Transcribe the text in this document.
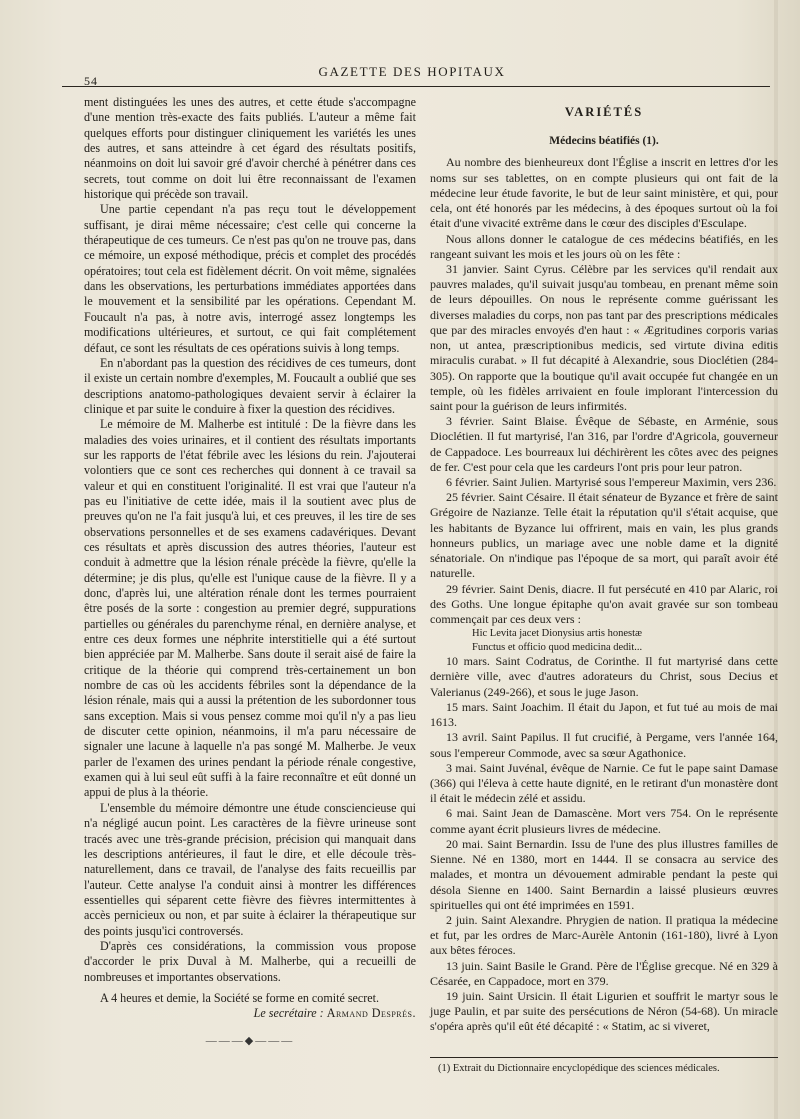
54
GAZETTE DES HOPITAUX

ment distinguées les unes des autres, et cette étude s'accompagne d'une mention très-exacte des faits publiés. L'auteur a même fait quelques efforts pour distinguer cliniquement les variétés les unes des autres, et sans atteindre à cet égard des résultats positifs, néanmoins on doit lui savoir gré d'avoir cherché à pénétrer dans ces secrets, tout comme on doit lui être reconnaissant de l'examen historique qui précède son travail.

Une partie cependant n'a pas reçu tout le développement suffisant, je dirai même nécessaire; c'est celle qui concerne la thérapeutique de ces tumeurs. Ce n'est pas qu'on ne trouve pas, dans ce mémoire, un exposé méthodique, précis et complet des procédés opératoires; tout cela est fidèlement décrit. On voit même, signalées dans les observations, les perturbations immédiates apportées dans le mouvement et la sensibilité par les opérations. Cependant M. Foucault n'a pas, à notre avis, interrogé assez longtemps les modifications ultérieures, et surtout, ce qui fait complétement défaut, ce sont les résultats de ces opérations suivis à long temps.

En n'abordant pas la question des récidives de ces tumeurs, dont il existe un certain nombre d'exemples, M. Foucault a oublié que ses descriptions anatomo-pathologiques devaient servir à éclairer la clinique et par suite le conduire à fixer la question des récidives.

Le mémoire de M. Malherbe est intitulé : De la fièvre dans les maladies des voies urinaires, et il contient des résultats importants sur les rapports de l'état fébrile avec les lésions du rein. J'ajouterai volontiers que ce sont ces recherches qui donnent à ce travail sa valeur et qui en constituent l'originalité. Il est vrai que l'auteur n'a pas eu l'initiative de cette idée, mais il la soutient avec plus de preuves qu'on ne l'a fait jusqu'à lui, et ces preuves, il les tire de ses observations personnelles et de ses examens cadavériques. Devant ces résultats et après discussion des autres théories, l'auteur est conduit à admettre que la lésion rénale précède la fièvre, qu'elle la détermine; je dis plus, qu'elle est l'unique cause de la fièvre. Il y a donc, d'après lui, une altération rénale dont les termes pourraient être posés de la sorte : congestion au premier degré, suppurations partielles ou générales du parenchyme rénal, en dernière analyse, et entre ces deux formes une néphrite interstitielle qui a été surtout bien appréciée par M. Malherbe. Sans doute il serait aisé de faire la critique de la théorie qui comprend très-certainement un bon nombre de cas où les accidents fébriles sont la dépendance de la lésion rénale, mais qui a aussi la prétention de les subordonner tous sans exception. Mais si vous pensez comme moi qu'il n'y a pas lieu de discuter cette opinion, néanmoins, il m'a paru nécessaire de signaler une lacune à laquelle n'a pas songé M. Malherbe. Je veux parler de l'examen des urines pendant la période rénale congestive, examen qui à lui seul eût suffi à la faire reconnaître et eût donné un appui de plus à la théorie.

L'ensemble du mémoire démontre une étude consciencieuse qui n'a négligé aucun point. Les caractères de la fièvre urineuse sont tracés avec une très-grande précision, précision qui manquait dans les descriptions antérieures, il faut le dire, et elle découle très-naturellement, dans ce travail, de l'analyse des faits recueillis par l'auteur. Cette analyse l'a conduit ainsi à montrer les différences essentielles qui séparent cette fièvre des fièvres intermittentes à accès pernicieux ou non, et par suite à éclairer la thérapeutique sur des points jusqu'ici controversés.

D'après ces considérations, la commission vous propose d'accorder le prix Duval à M. Malherbe, qui a recueilli de nombreuses et importantes observations.

A 4 heures et demie, la Société se forme en comité secret.

Le secrétaire : Armand Després.

———◆———
VARIÉTÉS
Médecins béatifiés (1).

Au nombre des bienheureux dont l'Église a inscrit en lettres d'or les noms sur ses tablettes, on en compte plusieurs qui ont fait de la médecine leur étude favorite, le but de leur saint ministère, et qui, pour cela, ont été honorés par les médecins, à des époques surtout où la foi était d'une vivacité extrême dans le cœur des disciples d'Esculape.

Nous allons donner le catalogue de ces médecins béatifiés, en les rangeant suivant les mois et les jours où on les fête :

31 janvier. Saint Cyrus. Célèbre par les services qu'il rendait aux pauvres malades, qu'il suivait jusqu'au tombeau, en prenant même soin de leurs dépouilles. On nous le représente comme guérissant les diverses maladies du corps, non pas tant par des prescriptions médicales que par des miracles envoyés d'en haut : « Ægritudines corporis varias non, ut antea, præscriptionibus medicis, sed virtute divina editis miraculis curabat. » Il fut décapité à Alexandrie, sous Dioclétien (284-305). On rapporte que la boutique qu'il avait occupée fut changée en un temple, où les fidèles arrivaient en foule implorant l'intercession du saint pour la guérison de leurs infirmités.

3 février. Saint Blaise. Évêque de Sébaste, en Arménie, sous Dioclétien. Il fut martyrisé, l'an 316, par l'ordre d'Agricola, gouverneur de Cappadoce. Les bourreaux lui déchirèrent les côtes avec des peignes de fer. C'est pour cela que les cardeurs l'ont pris pour leur patron.

6 février. Saint Julien. Martyrisé sous l'empereur Maximin, vers 236.

25 février. Saint Césaire. Il était sénateur de Byzance et frère de saint Grégoire de Nazianze. Telle était la réputation qu'il s'était acquise, que les habitants de Byzance lui offrirent, mais en vain, les plus grands honneurs publics, un mariage avec une noble dame et la dignité sénatoriale. On n'indique pas l'époque de sa mort, qui paraît avoir été naturelle.

29 février. Saint Denis, diacre. Il fut persécuté en 410 par Alaric, roi des Goths. Une longue épitaphe qu'on avait gravée sur son tombeau commençait par ces deux vers :

Hic Levita jacet Dionysius artis honestæ

Functus et officio quod medicina dedit...

10 mars. Saint Codratus, de Corinthe. Il fut martyrisé dans cette dernière ville, avec d'autres adorateurs du Christ, sous Decius et Valerianus (249-266), et sous le juge Jason.

15 mars. Saint Joachim. Il était du Japon, et fut tué au mois de mai 1613.

13 avril. Saint Papilus. Il fut crucifié, à Pergame, vers l'année 164, sous l'empereur Commode, avec sa sœur Agathonice.

3 mai. Saint Juvénal, évêque de Narnie. Ce fut le pape saint Damase (366) qui l'éleva à cette haute dignité, en le retirant d'un monastère dont il était le médecin zélé et assidu.

6 mai. Saint Jean de Damascène. Mort vers 754. On le représente comme ayant écrit plusieurs livres de médecine.

20 mai. Saint Bernardin. Issu de l'une des plus illustres familles de Sienne. Né en 1380, mort en 1444. Il se consacra au service des malades, et montra un dévouement admirable pendant la peste qui désola Sienne en 1400. Saint Bernardin a laissé plusieurs œuvres spirituelles qui ont été imprimées en 1591.

2 juin. Saint Alexandre. Phrygien de nation. Il pratiqua la médecine et fut, par les ordres de Marc-Aurèle Antonin (161-180), livré à Lyon aux bêtes féroces.

13 juin. Saint Basile le Grand. Père de l'Église grecque. Né en 329 à Césarée, en Cappadoce, mort en 379.

19 juin. Saint Ursicin. Il était Ligurien et souffrit le martyr sous le juge Paulin, et par suite des persécutions de Néron (54-68). Un miracle s'opéra après qu'il eût été décapité : « Statim, ac si viveret,

(1) Extrait du Dictionnaire encyclopédique des sciences médicales.
